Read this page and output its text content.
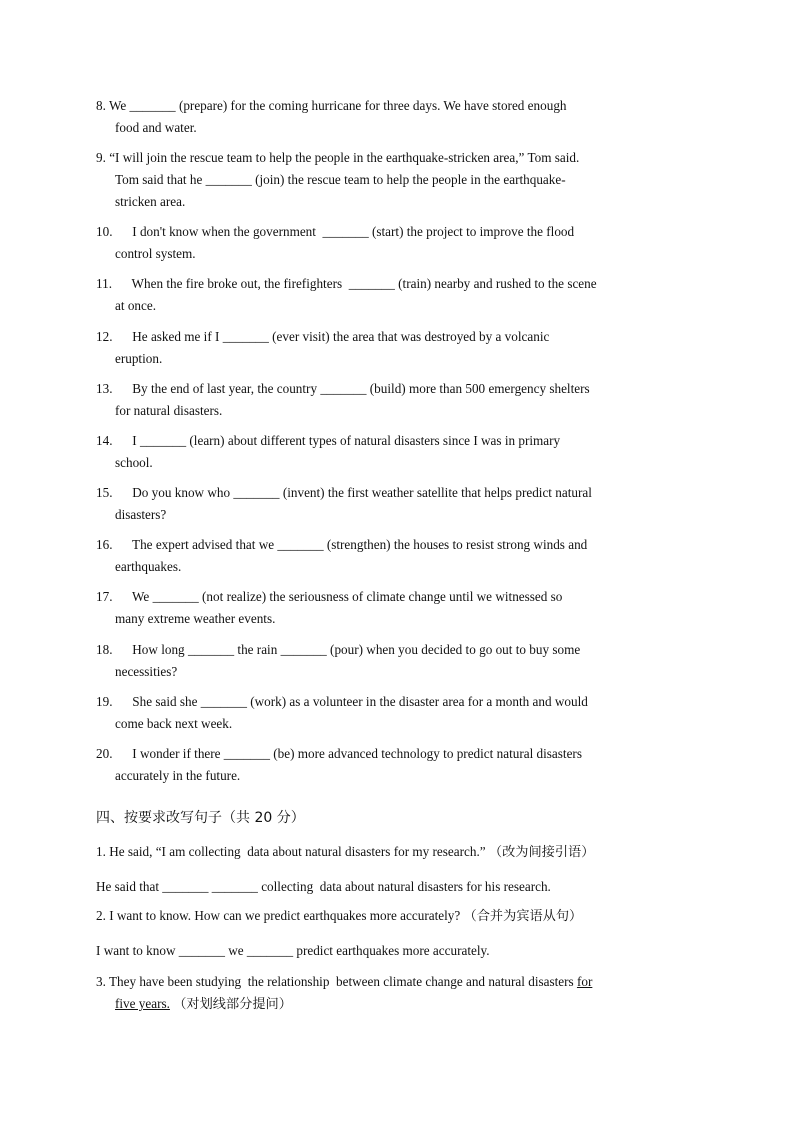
8. We _______ (prepare) for the coming hurricane for three days. We have stored enough
food and water.
9. “I will join the rescue team to help the people in the earthquake-stricken area,” Tom said.
Tom said that he _______ (join) the rescue team to help the people in the earthquake-
stricken area.
10. I don't know when the government  _______ (start) the project to improve the flood
control system.
11. When the fire broke out, the firefighters  _______ (train) nearby and rushed to the scene
at once.
12. He asked me if I _______ (ever visit) the area that was destroyed by a volcanic
eruption.
13. By the end of last year, the country _______ (build) more than 500 emergency shelters
for natural disasters.
14. I _______ (learn) about different types of natural disasters since I was in primary
school.
15. Do you know who _______ (invent) the first weather satellite that helps predict natural
disasters?
16. The expert advised that we _______ (strengthen) the houses to resist strong winds and
earthquakes.
17. We _______ (not realize) the seriousness of climate change until we witnessed so
many extreme weather events.
18. How long _______ the rain _______ (pour) when you decided to go out to buy some
necessities?
19. She said she _______ (work) as a volunteer in the disaster area for a month and would
come back next week.
20. I wonder if there _______ (be) more advanced technology to predict natural disasters
accurately in the future.
四、按要求改写句子（共 20 分）
1. He said, “I am collecting  data about natural disasters for my research.” （改为间接引语）
He said that _______ _______ collecting  data about natural disasters for his research.
2. I want to know. How can we predict earthquakes more accurately? （合并为宾语从句）
I want to know _______ we _______ predict earthquakes more accurately.
3. They have been studying  the relationship  between climate change and natural disasters for
five years. （对划线部分提问）
